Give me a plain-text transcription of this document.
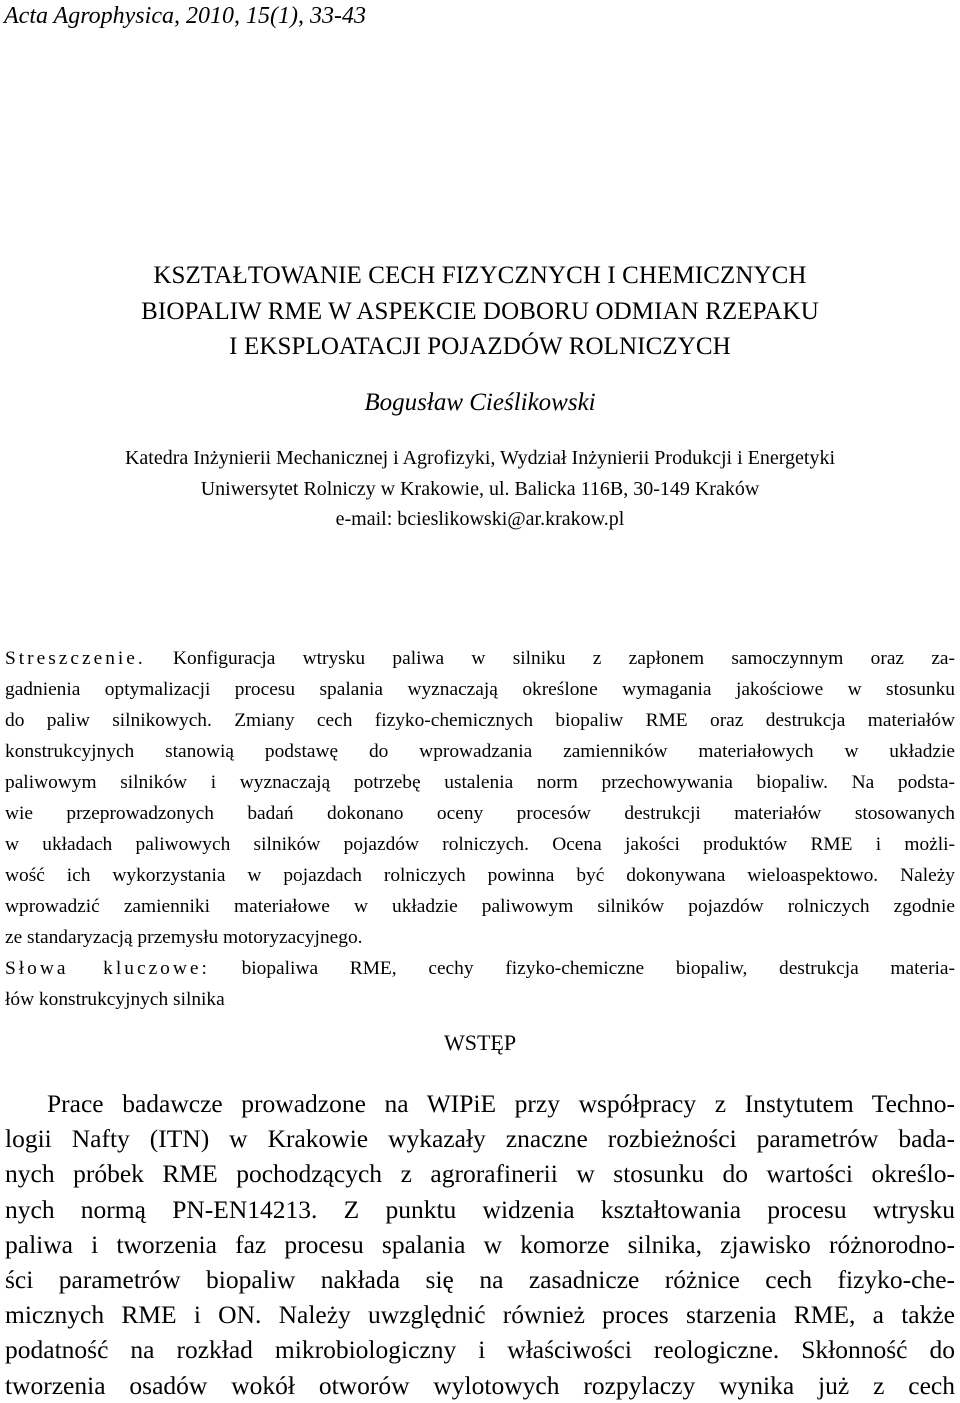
Acta Agrophysica, 2010, 15(1), 33-43
KSZTAŁTOWANIE CECH FIZYCZNYCH I CHEMICZNYCH
BIOPALIW RME W ASPEKCIE DOBORU ODMIAN RZEPAKU
I EKSPLOATACJI POJAZDÓW ROLNICZYCH
Bogusław Cieślikowski
Katedra Inżynierii Mechanicznej i Agrofizyki, Wydział Inżynierii Produkcji i Energetyki
Uniwersytet Rolniczy w Krakowie, ul. Balicka 116B, 30-149 Kraków
e-mail: bcieslikowski@ar.krakow.pl
Streszczenie. Konfiguracja wtrysku paliwa w silniku z zapłonem samoczynnym oraz za-
gadnienia optymalizacji procesu spalania wyznaczają określone wymagania jakościowe w stosunku
do paliw silnikowych. Zmiany cech fizyko-chemicznych biopaliw RME oraz destrukcja materiałów
konstrukcyjnych stanowią podstawę do wprowadzania zamienników materiałowych w układzie
paliwowym silników i wyznaczają potrzebę ustalenia norm przechowywania biopaliw. Na podsta-
wie przeprowadzonych badań dokonano oceny procesów destrukcji materiałów stosowanych
w układach paliwowych silników pojazdów rolniczych. Ocena jakości produktów RME i możli-
wość ich wykorzystania w pojazdach rolniczych powinna być dokonywana wieloaspektowo. Należy
wprowadzić zamienniki materiałowe w układzie paliwowym silników pojazdów rolniczych zgodnie
ze standaryzacją przemysłu motoryzacyjnego.
Słowa kluczowe: biopaliwa RME, cechy fizyko-chemiczne biopaliw, destrukcja materia-
łów konstrukcyjnych silnika
WSTĘP
Prace badawcze prowadzone na WIPiE przy współpracy z Instytutem Techno-
logii Nafty (ITN) w Krakowie wykazały znaczne rozbieżności parametrów bada-
nych próbek RME pochodzących z agrorafinerii w stosunku do wartości określo-
nych normą PN-EN14213. Z punktu widzenia kształtowania procesu wtrysku
paliwa i tworzenia faz procesu spalania w komorze silnika, zjawisko różnorodno-
ści parametrów biopaliw nakłada się na zasadnicze różnice cech fizyko-che-
micznych RME i ON. Należy uwzględnić również proces starzenia RME, a także
podatność na rozkład mikrobiologiczny i właściwości reologiczne. Skłonność do
tworzenia osadów wokół otworów wylotowych rozpylaczy wynika już z cech
